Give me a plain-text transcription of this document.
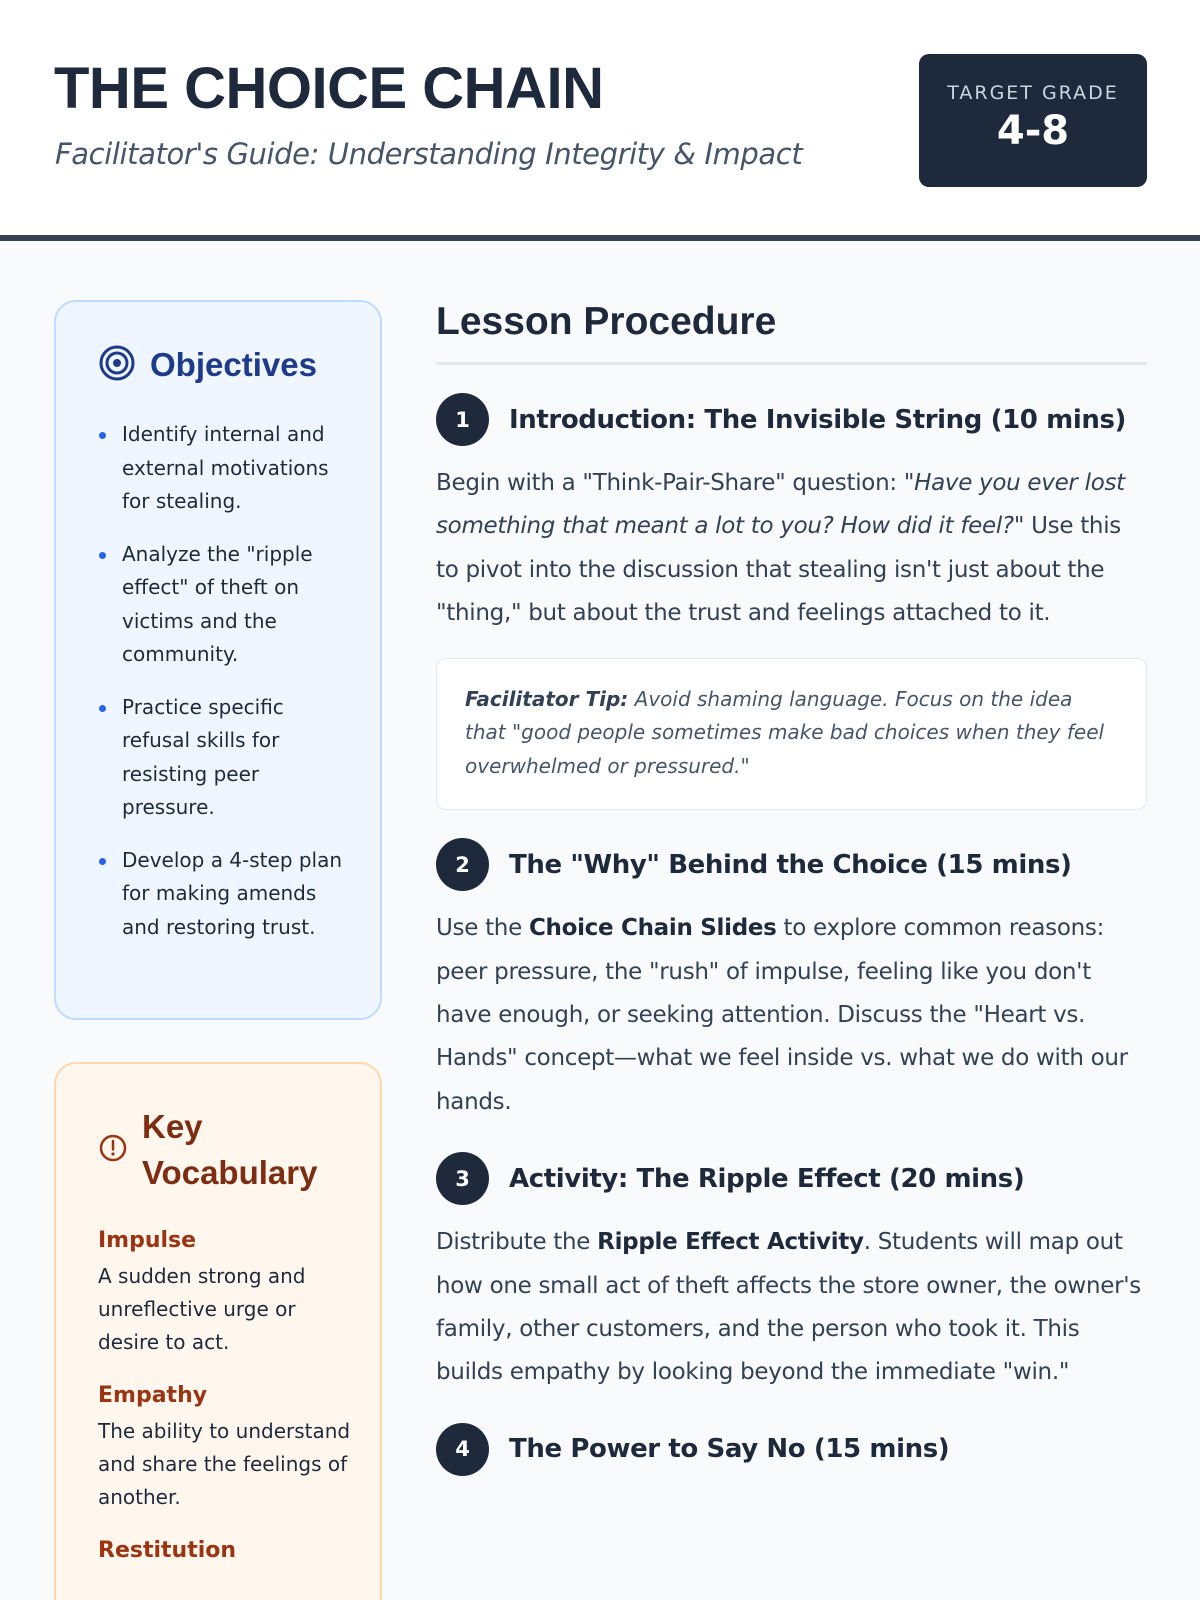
THE CHOICE CHAIN
Facilitator's Guide: Understanding Integrity & Impact
TARGET GRADE
4-8
Objectives
Identify internal and external motivations for stealing.
Analyze the "ripple effect" of theft on victims and the community.
Practice specific refusal skills for resisting peer pressure.
Develop a 4-step plan for making amends and restoring trust.
Key Vocabulary
Impulse
A sudden strong and unreflective urge or desire to act.
Empathy
The ability to understand and share the feelings of another.
Restitution
Lesson Procedure
1	Introduction: The Invisible String (10 mins)

Begin with a "Think-Pair-Share" question: "Have you ever lost something that meant a lot to you? How did it feel?" Use this to pivot into the discussion that stealing isn't just about the "thing," but about the trust and feelings attached to it.

Facilitator Tip: Avoid shaming language. Focus on the idea that "good people sometimes make bad choices when they feel overwhelmed or pressured."
2	The "Why" Behind the Choice (15 mins)

Use the Choice Chain Slides to explore common reasons: peer pressure, the "rush" of impulse, feeling like you don't have enough, or seeking attention. Discuss the "Heart vs. Hands" concept—what we feel inside vs. what we do with our hands.

3	Activity: The Ripple Effect (20 mins)

Distribute the Ripple Effect Activity. Students will map out how one small act of theft affects the store owner, the owner's family, other customers, and the person who took it. This builds empathy by looking beyond the immediate "win."

4	The Power to Say No (15 mins)
